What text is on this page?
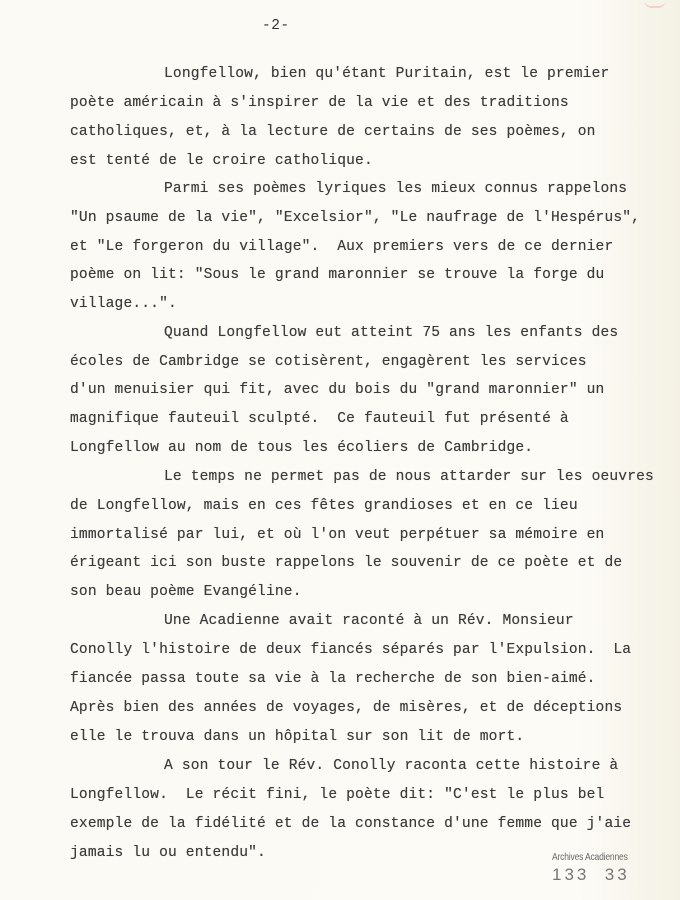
-2-
Longfellow, bien qu'étant Puritain, est le premier
poète américain à s'inspirer de la vie et des traditions
catholiques, et, à la lecture de certains de ses poèmes, on
est tenté de le croire catholique.
Parmi ses poèmes lyriques les mieux connus rappelons
"Un psaume de la vie", "Excelsior", "Le naufrage de l'Hespérus",
et "Le forgeron du village".  Aux premiers vers de ce dernier
poème on lit: "Sous le grand maronnier se trouve la forge du
village...".
Quand Longfellow eut atteint 75 ans les enfants des
écoles de Cambridge se cotisèrent, engagèrent les services
d'un menuisier qui fit, avec du bois du "grand maronnier" un
magnifique fauteuil sculpté.  Ce fauteuil fut présenté à
Longfellow au nom de tous les écoliers de Cambridge.
Le temps ne permet pas de nous attarder sur les oeuvres
de Longfellow, mais en ces fêtes grandioses et en ce lieu
immortalisé par lui, et où l'on veut perpétuer sa mémoire en
érigeant ici son buste rappelons le souvenir de ce poète et de
son beau poème Evangéline.
Une Acadienne avait raconté à un Rév. Monsieur
Conolly l'histoire de deux fiancés séparés par l'Expulsion.  La
fiancée passa toute sa vie à la recherche de son bien-aimé.
Après bien des années de voyages, de misères, et de déceptions
elle le trouva dans un hôpital sur son lit de mort.
A son tour le Rév. Conolly raconta cette histoire à
Longfellow.  Le récit fini, le poète dit: "C'est le plus bel
exemple de la fidélité et de la constance d'une femme que j'aie
jamais lu ou entendu".	Archives Acadiennes
133  33
